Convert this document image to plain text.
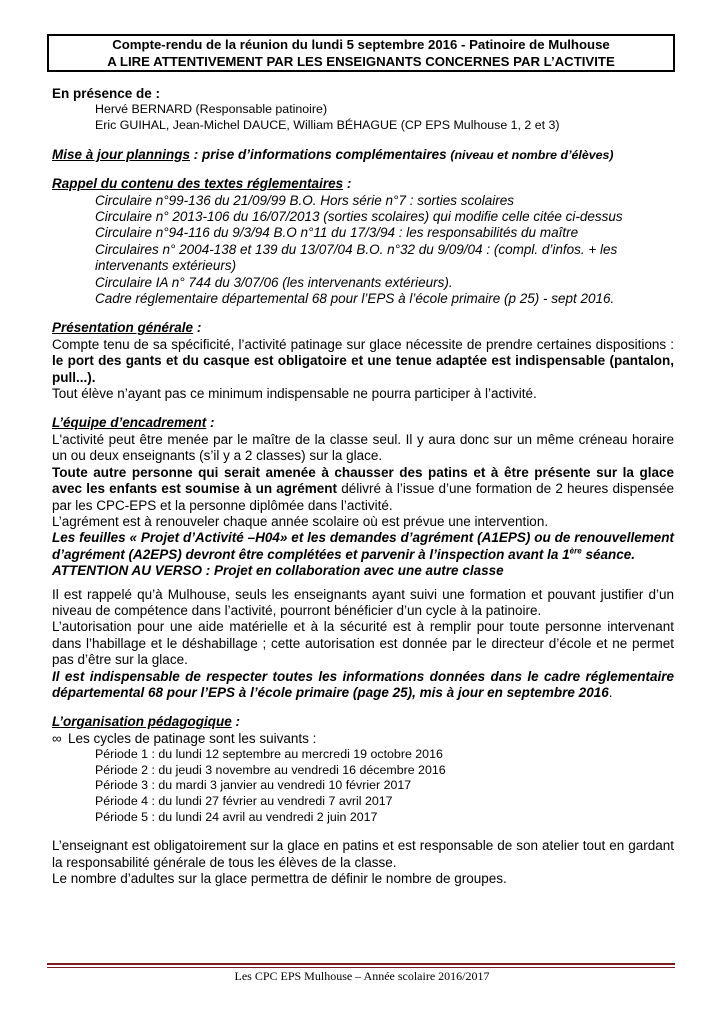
Compte-rendu de la réunion du lundi 5 septembre 2016 - Patinoire de Mulhouse
A LIRE ATTENTIVEMENT PAR LES ENSEIGNANTS CONCERNES PAR L’ACTIVITE
En présence de :
Hervé BERNARD (Responsable patinoire)
Eric GUIHAL, Jean-Michel DAUCE, William BÉHAGUE (CP EPS Mulhouse 1, 2 et 3)
Mise à jour plannings : prise d’informations complémentaires (niveau et nombre d’élèves)
Rappel du contenu des textes réglementaires :
Circulaire n°99-136 du 21/09/99 B.O. Hors série n°7 : sorties scolaires
Circulaire n° 2013-106 du 16/07/2013 (sorties scolaires) qui modifie celle citée ci-dessus
Circulaire n°94-116 du 9/3/94 B.O n°11 du 17/3/94 : les responsabilités du maître
Circulaires n° 2004-138 et 139 du 13/07/04 B.O. n°32 du 9/09/04 : (compl. d’infos. + les intervenants extérieurs)
Circulaire IA n° 744 du 3/07/06 (les intervenants extérieurs).
Cadre réglementaire départemental 68 pour l’EPS à l’école primaire (p 25) - sept 2016.
Présentation générale :
Compte tenu de sa spécificité, l’activité patinage sur glace nécessite de prendre certaines dispositions : le port des gants et du casque est obligatoire et une tenue adaptée est indispensable (pantalon, pull...).
Tout élève n’ayant pas ce minimum indispensable ne pourra participer à l’activité.
L’équipe d’encadrement :
L'activité peut être menée par le maître de la classe seul. Il y aura donc sur un même créneau horaire un ou deux enseignants (s’il y a 2 classes) sur la glace.
Toute autre personne qui serait amenée à chausser des patins et à être présente sur la glace avec les enfants est soumise à un agrément délivré à l’issue d’une formation de 2 heures dispensée par les CPC-EPS et la personne diplômée dans l’activité.
L’agrément est à renouveler chaque année scolaire où est prévue une intervention.
Les feuilles « Projet d’Activité –H04» et les demandes d’agrément (A1EPS) ou de renouvellement d’agrément (A2EPS) devront être complétées et parvenir à l’inspection avant la 1ère séance.
ATTENTION AU VERSO : Projet en collaboration avec une autre classe
Il est rappelé qu’à Mulhouse, seuls les enseignants ayant suivi une formation et pouvant justifier d’un niveau de compétence dans l’activité, pourront bénéficier d’un cycle à la patinoire.
L’autorisation pour une aide matérielle et à la sécurité est à remplir pour toute personne intervenant dans l’habillage et le déshabillage ; cette autorisation est donnée par le directeur d’école et ne permet pas d’être sur la glace.
Il est indispensable de respecter toutes les informations données dans le cadre réglementaire départemental 68 pour l’EPS à l’école primaire (page 25), mis à jour en septembre 2016.
L’organisation pédagogique :
∞ Les cycles de patinage sont les suivants :
Période 1 : du lundi 12 septembre au mercredi 19 octobre 2016
Période 2 : du jeudi 3 novembre au vendredi 16 décembre 2016
Période 3 : du mardi 3 janvier au vendredi 10 février 2017
Période 4 : du lundi 27 février au vendredi 7 avril 2017
Période 5 : du lundi 24 avril au vendredi 2 juin 2017
L’enseignant est obligatoirement sur la glace en patins et est responsable de son atelier tout en gardant la responsabilité générale de tous les élèves de la classe.
Le nombre d’adultes sur la glace permettra de définir le nombre de groupes.
Les CPC EPS Mulhouse – Année scolaire 2016/2017
